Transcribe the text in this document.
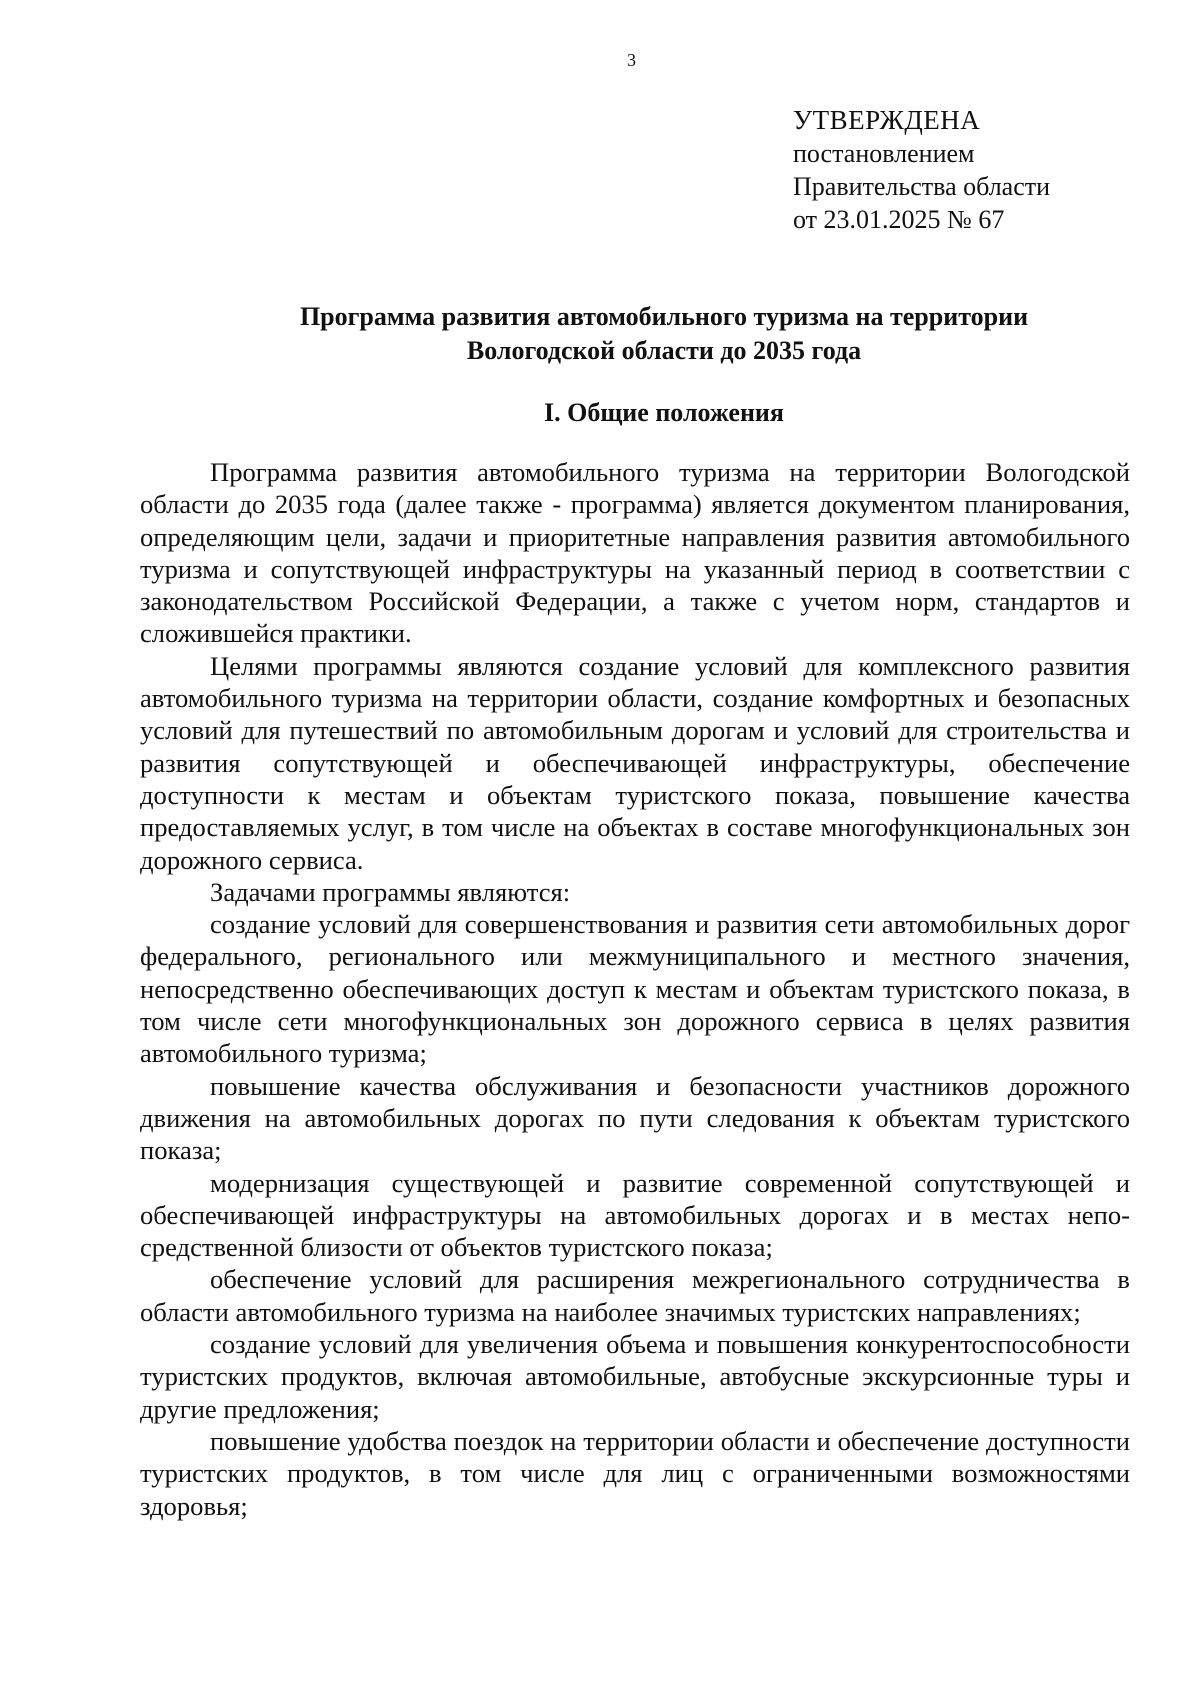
3
УТВЕРЖДЕНА
постановлением
Правительства области
от 23.01.2025 № 67
Программа развития автомобильного туризма на территории
Вологодской области до 2035 года
I. Общие положения

Программа развития автомобильного туризма на территории Вологодской области до 2035 года (далее также - программа) является документом планирования, определяющим цели, задачи и приоритетные направления развития автомобильного туризма и сопутствующей инфраструктуры на указанный период в соответствии с законодательством Российской Федерации, а также с учетом норм, стандартов и сложившейся практики.

Целями программы являются создание условий для комплексного развития автомобильного туризма на территории области, создание комфортных и безопасных условий для путешествий по автомобильным дорогам и условий для строительства и развития сопутствующей и обеспечивающей инфраструктуры, обеспечение доступности к местам и объектам туристского показа, повышение качества предоставляемых услуг, в том числе на объектах в составе многофункциональных зон дорожного сервиса.

Задачами программы являются:

создание условий для совершенствования и развития сети автомобильных дорог федерального, регионального или межмуниципального и местного значения, непосредственно обеспечивающих доступ к местам и объектам туристского показа, в том числе сети многофункциональных зон дорожного сервиса в целях развития автомобильного туризма;

повышение качества обслуживания и безопасности участников дорожного движения на автомобильных дорогах по пути следования к объектам туристского показа;

модернизация существующей и развитие современной сопутствующей и обеспечивающей инфраструктуры на автомобильных дорогах и в местах непосредственной близости от объектов туристского показа;

обеспечение условий для расширения межрегионального сотрудничества в области автомобильного туризма на наиболее значимых туристских направлениях;

создание условий для увеличения объема и повышения конкурентоспособности туристских продуктов, включая автомобильные, автобусные экскурсионные туры и другие предложения;

повышение удобства поездок на территории области и обеспечение доступности туристских продуктов, в том числе для лиц с ограниченными возможностями здоровья;
